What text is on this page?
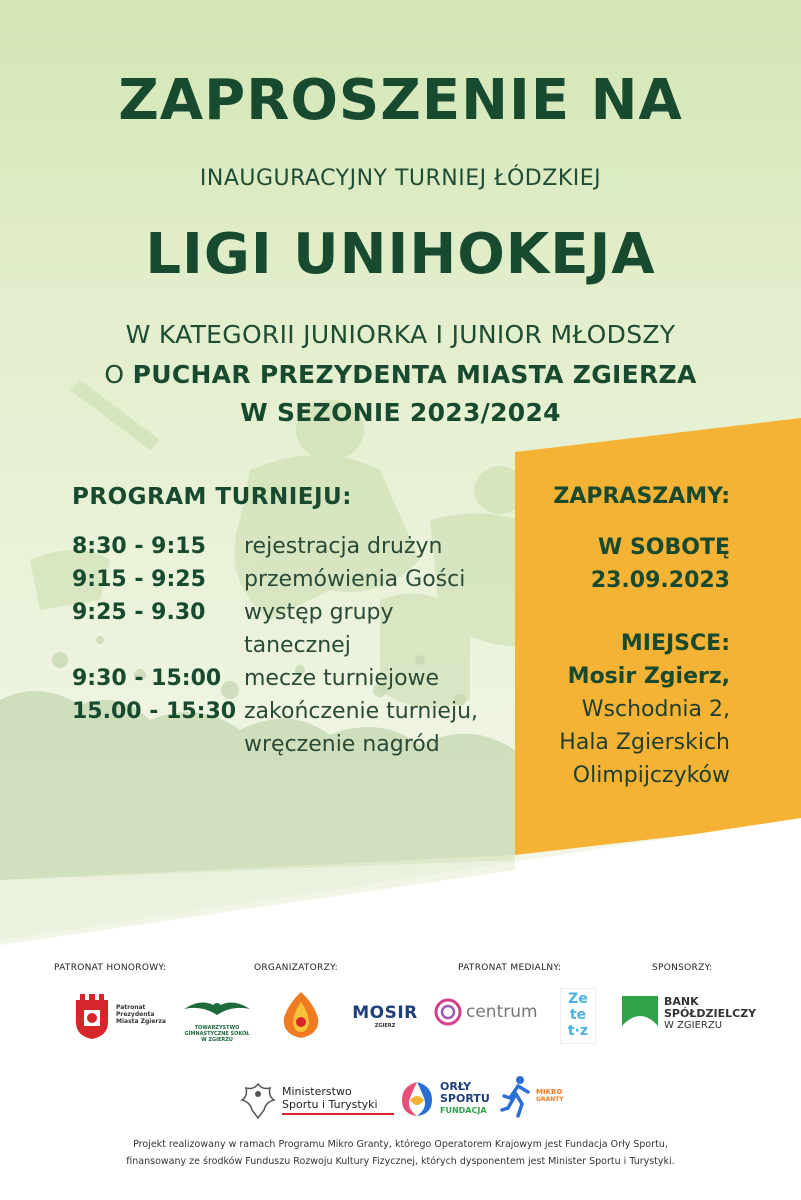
ZAPROSZENIE NA
INAUGURACYJNY TURNIEJ ŁÓDZKIEJ
LIGI UNIHOKEJA
W KATEGORII JUNIORKA I JUNIOR MŁODSZY
O PUCHAR PREZYDENTA MIASTA ZGIERZA
W SEZONIE 2023/2024
PROGRAM TURNIEJU:
8:30 - 9:15	rejestracja drużyn
9:15 - 9:25	przemówienia Gości
9:25 - 9.30	występ grupy tanecznej
9:30 - 15:00	mecze turniejowe
15.00 - 15:30 zakończenie turnieju, wręczenie nagród
ZAPRASZAMY:
W SOBOTĘ
23.09.2023
MIEJSCE:
Mosir Zgierz,
Wschodnia 2,
Hala Zgierskich Olimpijczyków
PATRONAT HONOROWY:	ORGANIZATORZY:	PATRONAT MEDIALNY:	SPONSORZY:
Patronat Prezydenta Miasta Zgierza
TOWARZYSTWO GIMNASTYCZNE SOKÓŁ W ZGIERZU
MOSIR
ZGIERZ
centrum
Ze te t·z
BANK
SPÓŁDZIELCZY
W ZGIERZU
Ministerstwo
Sportu i Turystyki
ORŁY
SPORTU
FUNDACJA
MIKRO
GRANTY
Projekt realizowany w ramach Programu Mikro Granty, którego Operatorem Krajowym jest Fundacja Orły Sportu,
finansowany ze środków Funduszu Rozwoju Kultury Fizycznej, których dysponentem jest Minister Sportu i Turystyki.
